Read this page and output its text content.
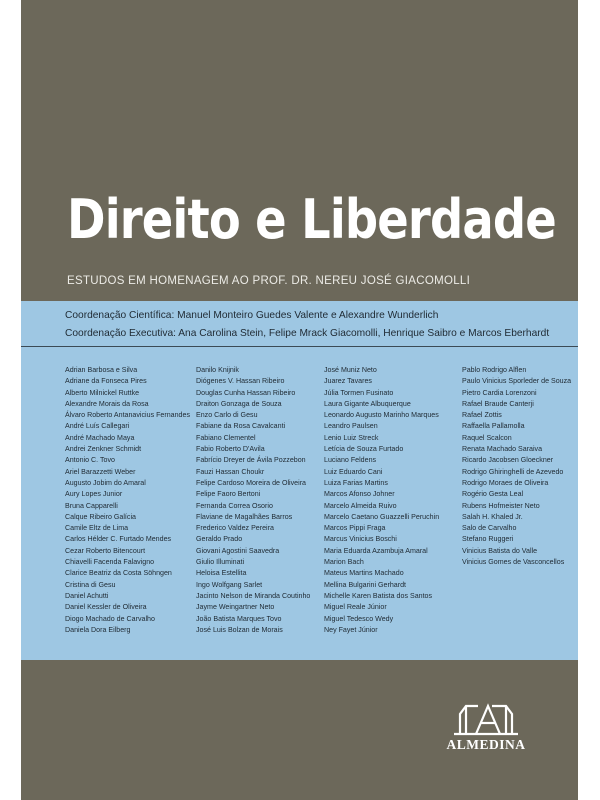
Direito e Liberdade
ESTUDOS EM HOMENAGEM AO PROF. DR. NEREU JOSÉ GIACOMOLLI
Coordenação Científica: Manuel Monteiro Guedes Valente e Alexandre Wunderlich
Coordenação Executiva: Ana Carolina Stein, Felipe Mrack Giacomolli, Henrique Saibro e Marcos Eberhardt
Adrian Barbosa e Silva
Adriane da Fonseca Pires
Alberto Milnickel Ruttke
Alexandre Morais da Rosa
Álvaro Roberto Antanavicius Fernandes
André Luís Callegari
André Machado Maya
Andrei Zenkner Schmidt
Antonio C. Tovo
Ariel Barazzetti Weber
Augusto Jobim do Amaral
Aury Lopes Junior
Bruna Capparelli
Calque Ribeiro Galícia
Camile Eltz de Lima
Carlos Hélder C. Furtado Mendes
Cezar Roberto Bitencourt
Chiavelli Facenda Falavigno
Clarice Beatriz da Costa Söhngen
Cristina di Gesu
Daniel Achutti
Daniel Kessler de Oliveira
Diogo Machado de Carvalho
Daniela Dora Eilberg
Danilo Knijnik
Diógenes V. Hassan Ribeiro
Douglas Cunha Hassan Ribeiro
Draiton Gonzaga de Souza
Enzo Carlo di Gesu
Fabiane da Rosa Cavalcanti
Fabiano Clementel
Fabio Roberto D'Avila
Fabrício Dreyer de Ávila Pozzebon
Fauzi Hassan Choukr
Felipe Cardoso Moreira de Oliveira
Felipe Faoro Bertoni
Fernanda Correa Osorio
Flaviane de Magalhães Barros
Frederico Valdez Pereira
Geraldo Prado
Giovani Agostini Saavedra
Giulio Illuminati
Heloisa Estellita
Ingo Wolfgang Sarlet
Jacinto Nelson de Miranda Coutinho
Jayme Weingartner Neto
João Batista Marques Tovo
José Luis Bolzan de Morais
José Muniz Neto
Juarez Tavares
Júlia Tormen Fusinato
Laura Gigante Albuquerque
Leonardo Augusto Marinho Marques
Leandro Paulsen
Lenio Luiz Streck
Letícia de Souza Furtado
Luciano Feldens
Luiz Eduardo Cani
Luiza Farias Martins
Marcos Afonso Johner
Marcelo Almeida Ruivo
Marcelo Caetano Guazzelli Peruchin
Marcos Pippi Fraga
Marcus Vinicius Boschi
Maria Eduarda Azambuja Amaral
Marion Bach
Mateus Martins Machado
Mellina Bulgarini Gerhardt
Michelle Karen Batista dos Santos
Miguel Reale Júnior
Miguel Tedesco Wedy
Ney Fayet Júnior
Pablo Rodrigo Alflen
Paulo Vinicius Sporleder de Souza
Pietro Cardia Lorenzoni
Rafael Braude Canterji
Rafael Zottis
Raffaella Pallamolla
Raquel Scalcon
Renata Machado Saraiva
Ricardo Jacobsen Gloeckner
Rodrigo Ghiringhelli de Azevedo
Rodrigo Moraes de Oliveira
Rogério Gesta Leal
Rubens Hofmeister Neto
Salah H. Khaled Jr.
Salo de Carvalho
Stefano Ruggeri
Vinicius Batista do Valle
Vinicius Gomes de Vasconcellos
ALMEDINA
